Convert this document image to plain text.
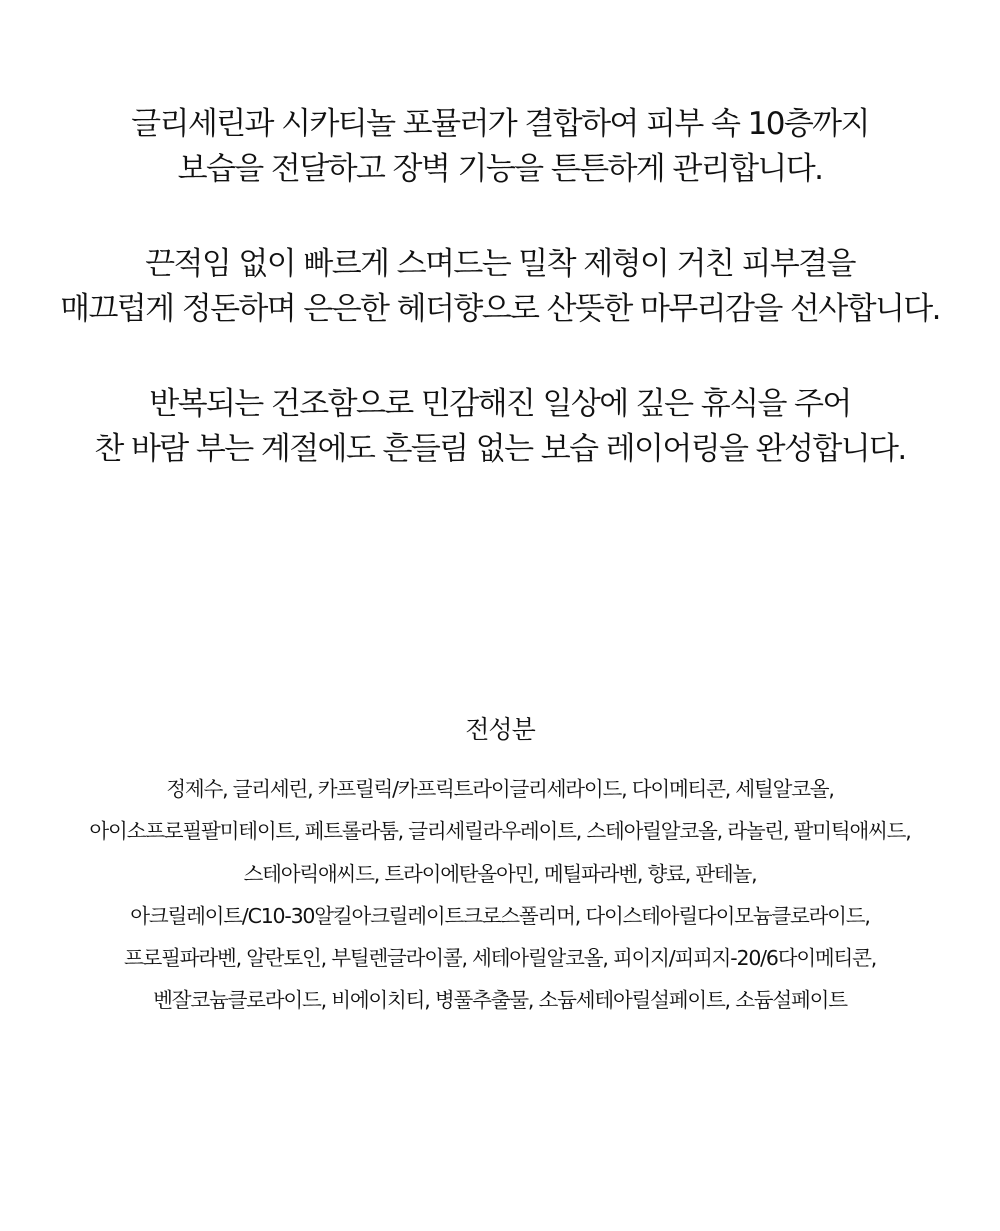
글리세린과 시카티놀 포뮬러가 결합하여 피부 속 10층까지
보습을 전달하고 장벽 기능을 튼튼하게 관리합니다.

끈적임 없이 빠르게 스며드는 밀착 제형이 거친 피부결을
매끄럽게 정돈하며 은은한 헤더향으로 산뜻한 마무리감을 선사합니다.

반복되는 건조함으로 민감해진 일상에 깊은 휴식을 주어
찬 바람 부는 계절에도 흔들림 없는 보습 레이어링을 완성합니다.

전성분
정제수, 글리세린, 카프릴릭/카프릭트라이글리세라이드, 다이메티콘, 세틸알코올,
아이소프로필팔미테이트, 페트롤라툼, 글리세릴라우레이트, 스테아릴알코올, 라놀린, 팔미틱애씨드,
스테아릭애씨드, 트라이에탄올아민, 메틸파라벤, 향료, 판테놀,
아크릴레이트/C10-30알킬아크릴레이트크로스폴리머, 다이스테아릴다이모늄클로라이드,
프로필파라벤, 알란토인, 부틸렌글라이콜, 세테아릴알코올, 피이지/피피지-20/6다이메티콘,
벤잘코늄클로라이드, 비에이치티, 병풀추출물, 소듐세테아릴설페이트, 소듐설페이트
